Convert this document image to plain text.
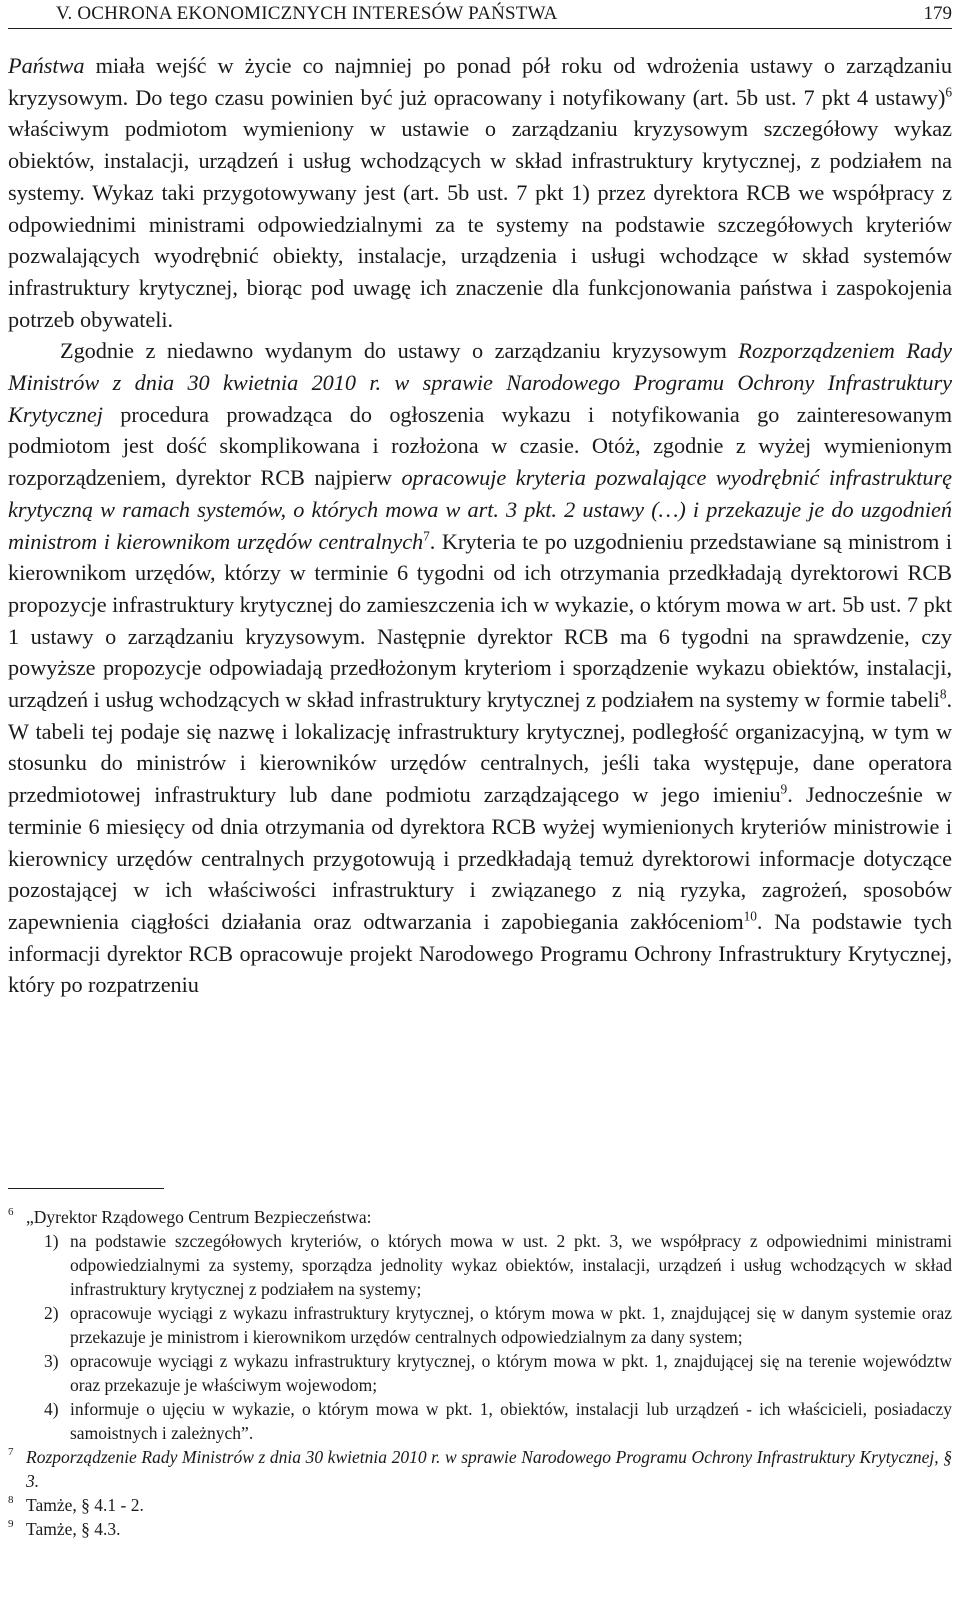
V. OCHRONA EKONOMICZNYCH INTERESÓW PAŃSTWA	179

Państwa miała wejść w życie co najmniej po ponad pół roku od wdrożenia ustawy o zarządzaniu kryzysowym. Do tego czasu powinien być już opracowany i notyfikowany (art. 5b ust. 7 pkt 4 ustawy)$^6$ właściwym podmiotom wymieniony w ustawie o zarządzaniu kryzysowym szczegółowy wykaz obiektów, instalacji, urządzeń i usług wchodzących w skład infrastruktury krytycznej, z podziałem na systemy. Wykaz taki przygotowywany jest (art. 5b ust. 7 pkt 1) przez dyrektora RCB we współpracy z odpowiednimi ministrami odpowiedzialnymi za te systemy na podstawie szczegółowych kryteriów pozwalających wyodrębnić obiekty, instalacje, urządzenia i usługi wchodzące w skład systemów infrastruktury krytycznej, biorąc pod uwagę ich znaczenie dla funkcjonowania państwa i zaspokojenia potrzeb obywateli.

Zgodnie z niedawno wydanym do ustawy o zarządzaniu kryzysowym Rozporządzeniem Rady Ministrów z dnia 30 kwietnia 2010 r. w sprawie Narodowego Programu Ochrony Infrastruktury Krytycznej procedura prowadząca do ogłoszenia wykazu i notyfikowania go zainteresowanym podmiotom jest dość skomplikowana i rozłożona w czasie. Otóż, zgodnie z wyżej wymienionym rozporządzeniem, dyrektor RCB najpierw opracowuje kryteria pozwalające wyodrębnić infrastrukturę krytyczną w ramach systemów, o których mowa w art. 3 pkt. 2 ustawy (…) i przekazuje je do uzgodnień ministrom i kierownikom urzędów centralnych$^7$. Kryteria te po uzgodnieniu przedstawiane są ministrom i kierownikom urzędów, którzy w terminie 6 tygodni od ich otrzymania przedkładają dyrektorowi RCB propozycje infrastruktury krytycznej do zamieszczenia ich w wykazie, o którym mowa w art. 5b ust. 7 pkt 1 ustawy o zarządzaniu kryzysowym. Następnie dyrektor RCB ma 6 tygodni na sprawdzenie, czy powyższe propozycje odpowiadają przedłożonym kryteriom i sporządzenie wykazu obiektów, instalacji, urządzeń i usług wchodzących w skład infrastruktury krytycznej z podziałem na systemy w formie tabeli$^8$. W tabeli tej podaje się nazwę i lokalizację infrastruktury krytycznej, podległość organizacyjną, w tym w stosunku do ministrów i kierowników urzędów centralnych, jeśli taka występuje, dane operatora przedmiotowej infrastruktury lub dane podmiotu zarządzającego w jego imieniu$^9$. Jednocześnie w terminie 6 miesięcy od dnia otrzymania od dyrektora RCB wyżej wymienionych kryteriów ministrowie i kierownicy urzędów centralnych przygotowują i przedkładają temuż dyrektorowi informacje dotyczące pozostającej w ich właściwości infrastruktury i związanego z nią ryzyka, zagrożeń, sposobów zapewnienia ciągłości działania oraz odtwarzania i zapobiegania zakłóceniom$^{10}$. Na podstawie tych informacji dyrektor RCB opracowuje projekt Narodowego Programu Ochrony Infrastruktury Krytycznej, który po rozpatrzeniu

6 „Dyrektor Rządowego Centrum Bezpieczeństwa:
1) na podstawie szczegółowych kryteriów, o których mowa w ust. 2 pkt. 3, we współpracy z odpowiednimi ministrami odpowiedzialnymi za systemy, sporządza jednolity wykaz obiektów, instalacji, urządzeń i usług wchodzących w skład infrastruktury krytycznej z podziałem na systemy;
2) opracowuje wyciągi z wykazu infrastruktury krytycznej, o którym mowa w pkt. 1, znajdującej się w danym systemie oraz przekazuje je ministrom i kierownikom urzędów centralnych odpowiedzialnym za dany system;
3) opracowuje wyciągi z wykazu infrastruktury krytycznej, o którym mowa w pkt. 1, znajdującej się na terenie województw oraz przekazuje je właściwym wojewodom;
4) informuje o ujęciu w wykazie, o którym mowa w pkt. 1, obiektów, instalacji lub urządzeń - ich właścicieli, posiadaczy samoistnych i zależnych”.
7 Rozporządzenie Rady Ministrów z dnia 30 kwietnia 2010 r. w sprawie Narodowego Programu Ochrony Infrastruktury Krytycznej, § 3.
8 Tamże, § 4.1 - 2.
9 Tamże, § 4.3.
